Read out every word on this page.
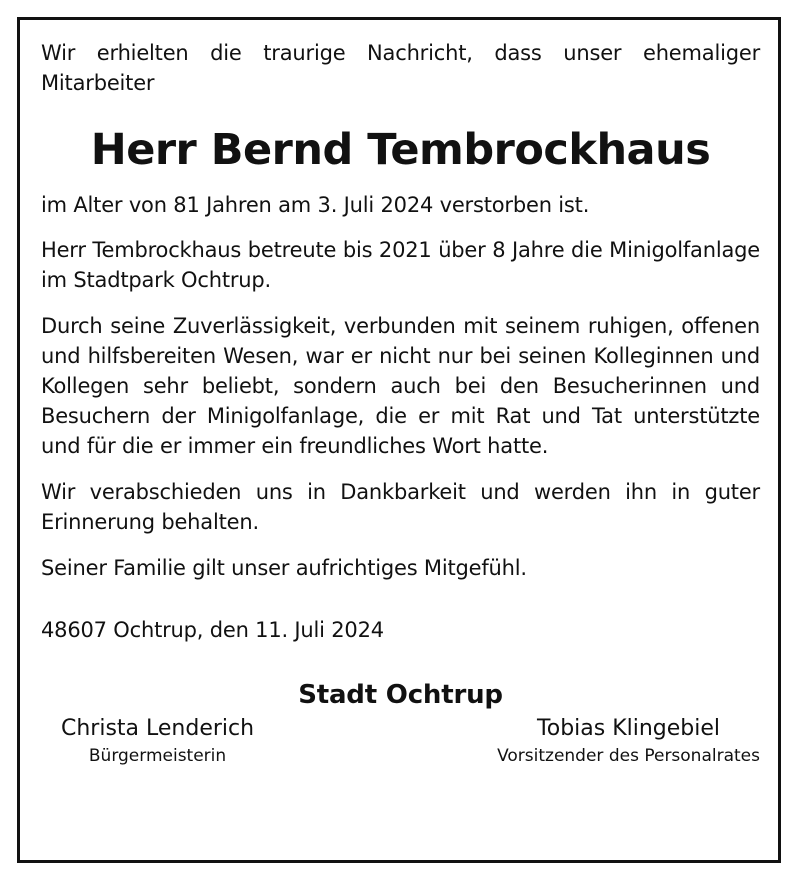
Wir erhielten die traurige Nachricht, dass unser ehemaliger Mitarbeiter

Herr Bernd Tembrockhaus

im Alter von 81 Jahren am 3. Juli 2024 verstorben ist.

Herr Tembrockhaus betreute bis 2021 über 8 Jahre die Minigolfanlage im Stadtpark Ochtrup.

Durch seine Zuverlässigkeit, verbunden mit seinem ruhigen, offenen und hilfsbereiten Wesen, war er nicht nur bei seinen Kolleginnen und Kollegen sehr beliebt, sondern auch bei den Besucherinnen und Besuchern der Minigolfanlage, die er mit Rat und Tat unterstützte und für die er immer ein freundliches Wort hatte.

Wir verabschieden uns in Dankbarkeit und werden ihn in guter Erinnerung behalten.

Seiner Familie gilt unser aufrichtiges Mitgefühl.

48607 Ochtrup, den 11. Juli 2024

Stadt Ochtrup

Christa Lenderich
Bürgermeisterin
Tobias Klingebiel
Vorsitzender des Personalrates
